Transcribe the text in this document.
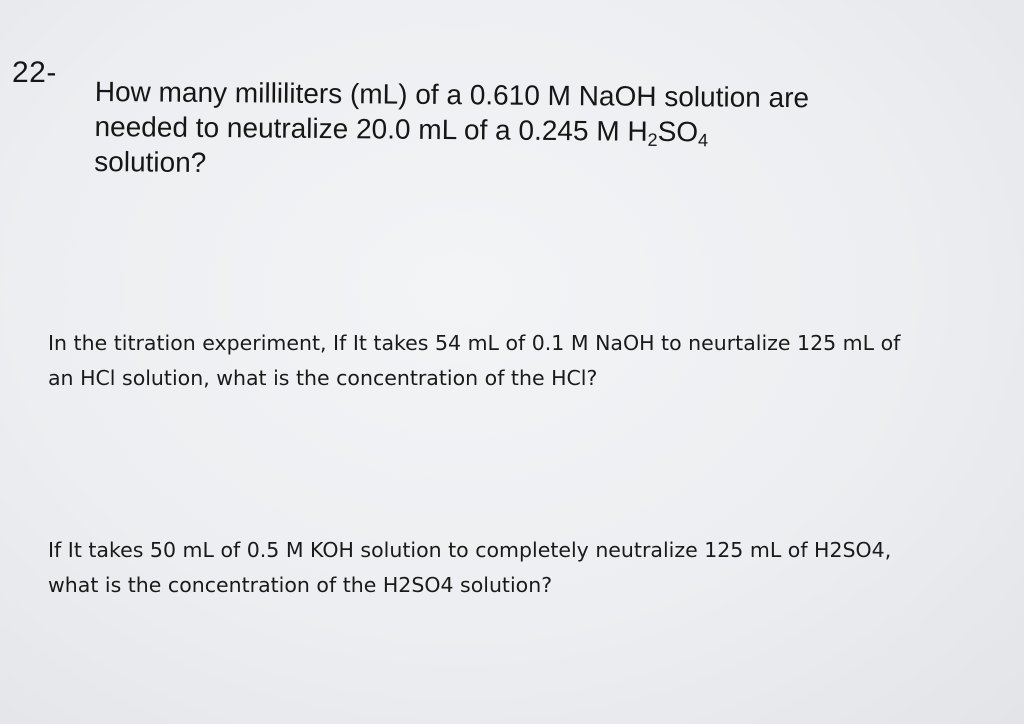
22-
How many milliliters (mL) of a 0.610 M NaOH solution are
needed to neutralize 20.0 mL of a 0.245 M $H_2SO_4$
solution?
In the titration experiment, If It takes 54 mL of 0.1 M NaOH to neurtalize 125 mL of
an HCl solution, what is the concentration of the HCl?
If It takes 50 mL of 0.5 M KOH solution to completely neutralize 125 mL of H2SO4,
what is the concentration of the H2SO4 solution?
